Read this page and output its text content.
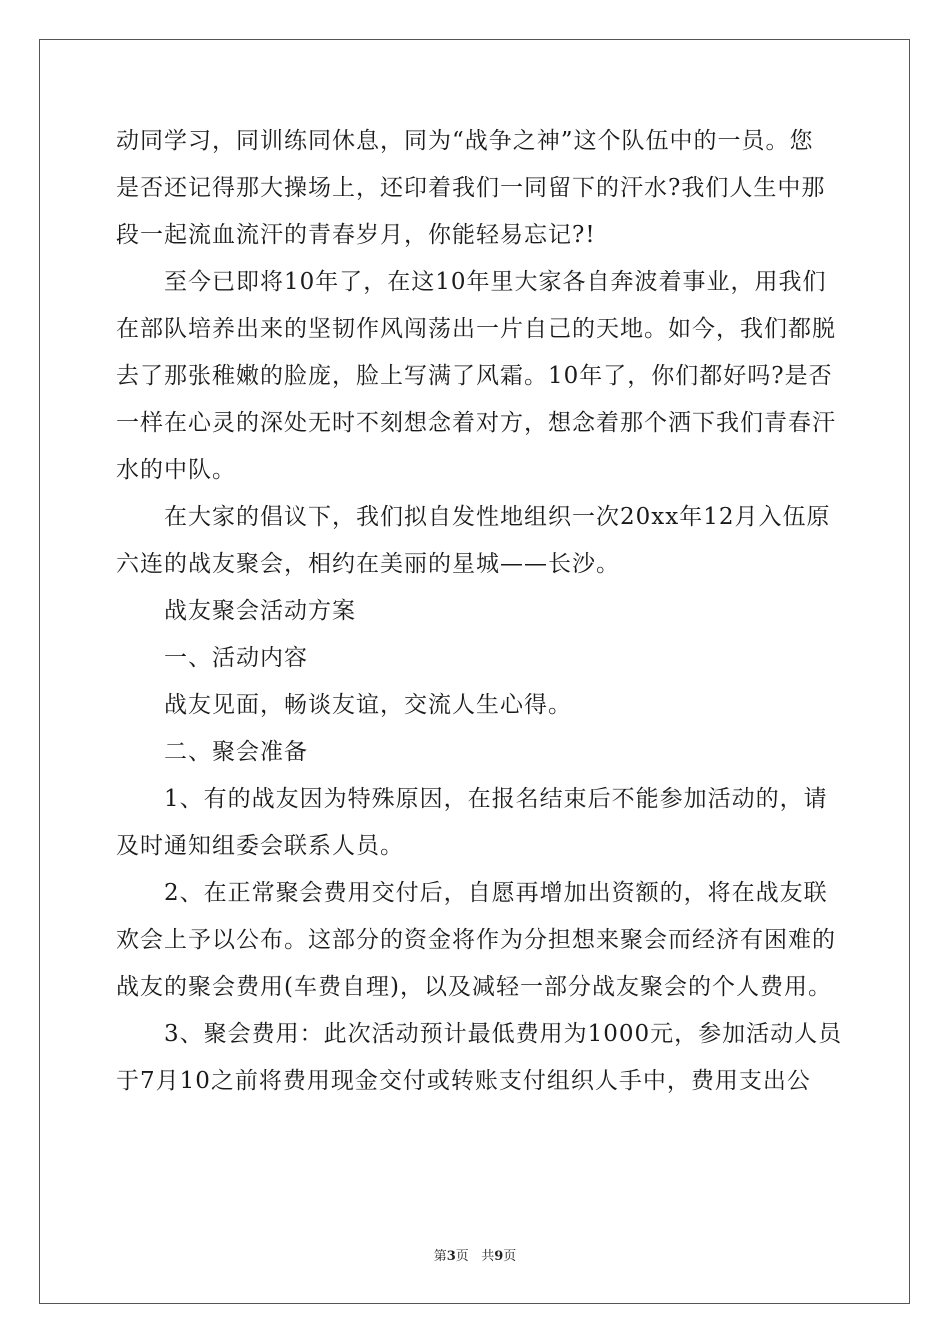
动同学习，同训练同休息，同为“战争之神”这个队伍中的一员。您
是否还记得那大操场上，还印着我们一同留下的汗水?我们人生中那
段一起流血流汗的青春岁月，你能轻易忘记?!
至今已即将10年了，在这10年里大家各自奔波着事业，用我们
在部队培养出来的坚韧作风闯荡出一片自己的天地。如今，我们都脱
去了那张稚嫩的脸庞，脸上写满了风霜。10年了，你们都好吗?是否
一样在心灵的深处无时不刻想念着对方，想念着那个洒下我们青春汗
水的中队。
在大家的倡议下，我们拟自发性地组织一次20xx年12月入伍原
六连的战友聚会，相约在美丽的星城——长沙。
战友聚会活动方案
一、活动内容
战友见面，畅谈友谊，交流人生心得。
二、聚会准备
1、有的战友因为特殊原因，在报名结束后不能参加活动的，请
及时通知组委会联系人员。
2、在正常聚会费用交付后，自愿再增加出资额的，将在战友联
欢会上予以公布。这部分的资金将作为分担想来聚会而经济有困难的
战友的聚会费用(车费自理)，以及减轻一部分战友聚会的个人费用。
3、聚会费用：此次活动预计最低费用为1000元，参加活动人员
于7月10之前将费用现金交付或转账支付组织人手中，费用支出公
第3页 共9页
